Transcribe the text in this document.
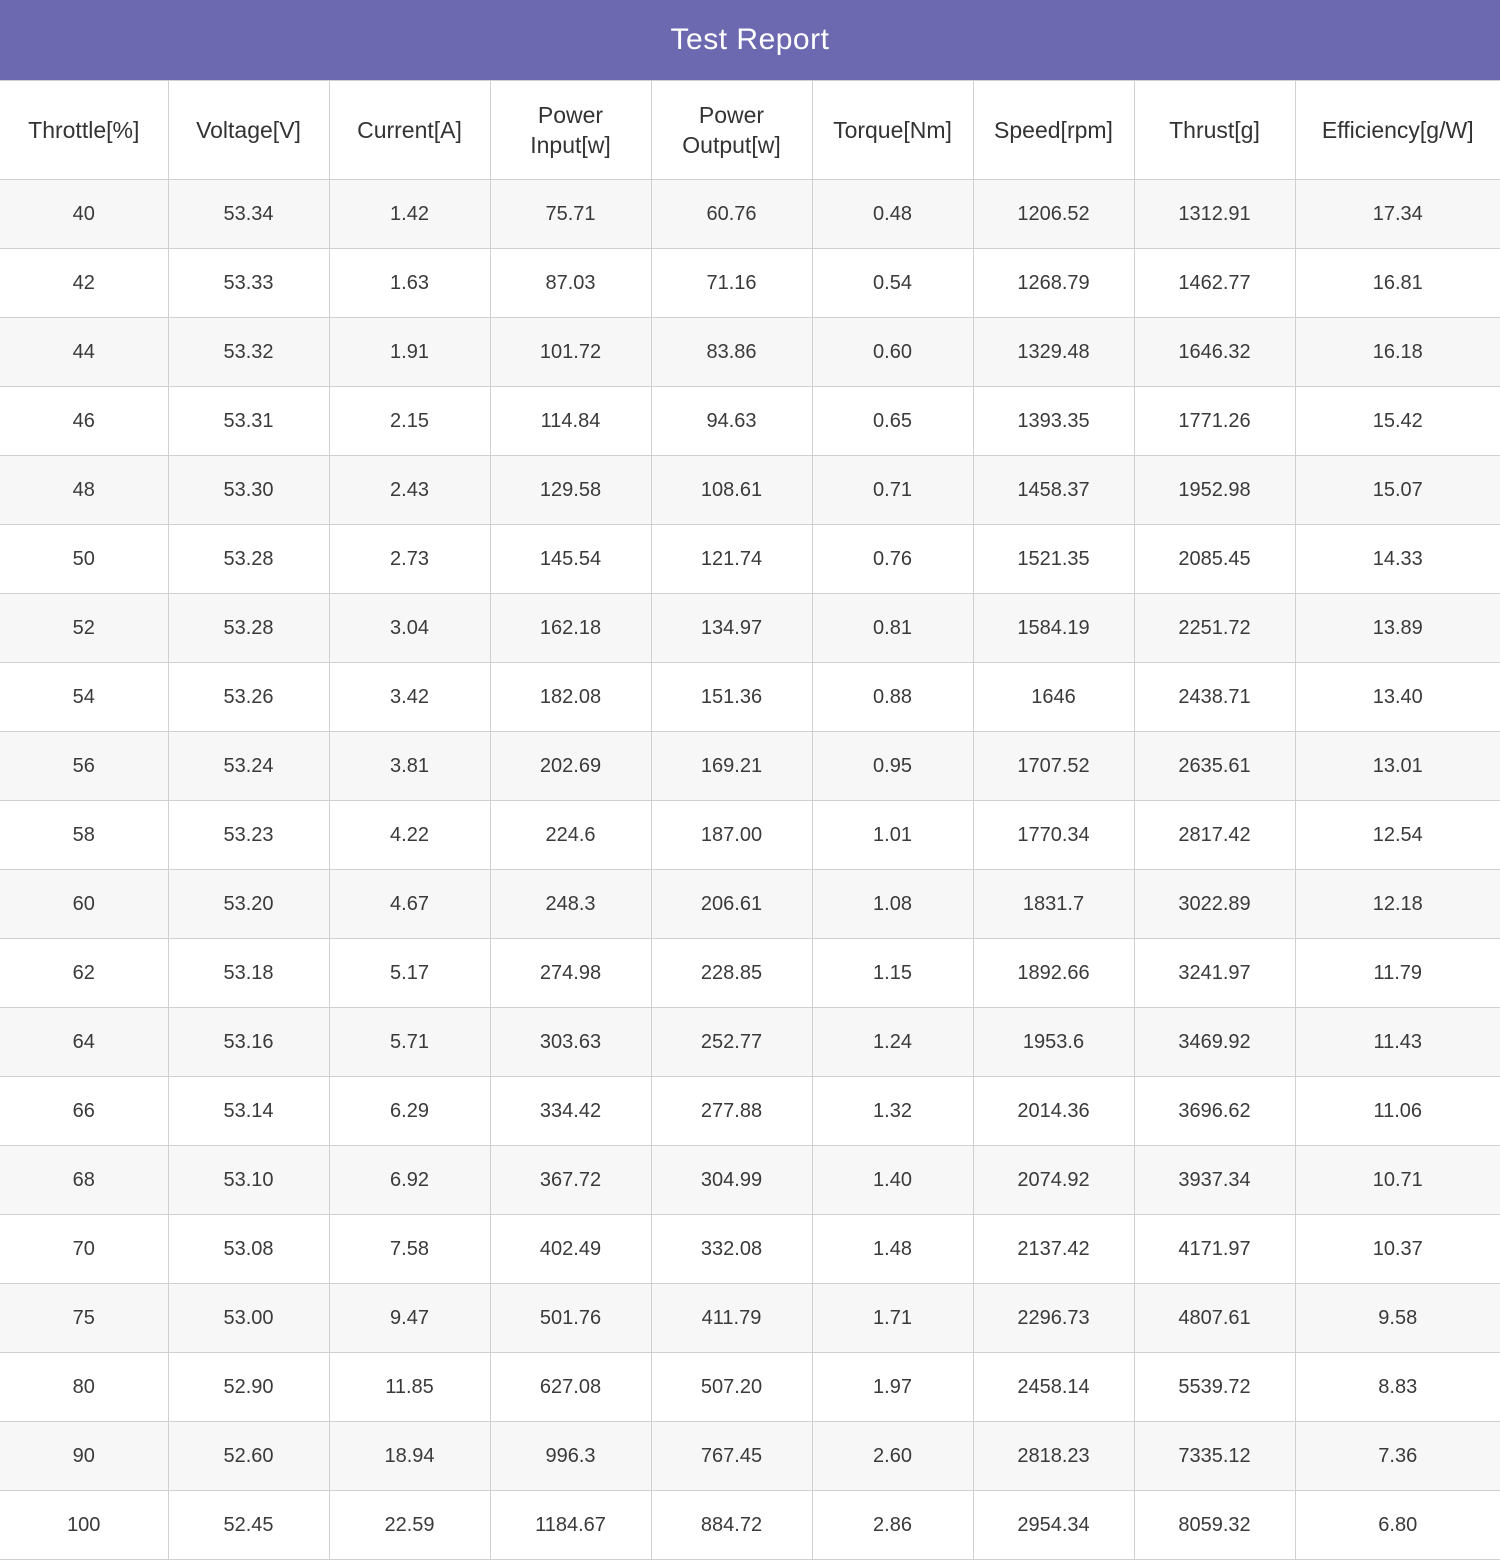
Test Report
Throttle[%]	Voltage[V]	Current[A]	Power Input[w]	Power Output[w]	Torque[Nm]	Speed[rpm]	Thrust[g]	Efficiency[g/W]
40	53.34	1.42	75.71	60.76	0.48	1206.52	1312.91	17.34
42	53.33	1.63	87.03	71.16	0.54	1268.79	1462.77	16.81
44	53.32	1.91	101.72	83.86	0.60	1329.48	1646.32	16.18
46	53.31	2.15	114.84	94.63	0.65	1393.35	1771.26	15.42
48	53.30	2.43	129.58	108.61	0.71	1458.37	1952.98	15.07
50	53.28	2.73	145.54	121.74	0.76	1521.35	2085.45	14.33
52	53.28	3.04	162.18	134.97	0.81	1584.19	2251.72	13.89
54	53.26	3.42	182.08	151.36	0.88	1646	2438.71	13.40
56	53.24	3.81	202.69	169.21	0.95	1707.52	2635.61	13.01
58	53.23	4.22	224.6	187.00	1.01	1770.34	2817.42	12.54
60	53.20	4.67	248.3	206.61	1.08	1831.7	3022.89	12.18
62	53.18	5.17	274.98	228.85	1.15	1892.66	3241.97	11.79
64	53.16	5.71	303.63	252.77	1.24	1953.6	3469.92	11.43
66	53.14	6.29	334.42	277.88	1.32	2014.36	3696.62	11.06
68	53.10	6.92	367.72	304.99	1.40	2074.92	3937.34	10.71
70	53.08	7.58	402.49	332.08	1.48	2137.42	4171.97	10.37
75	53.00	9.47	501.76	411.79	1.71	2296.73	4807.61	9.58
80	52.90	11.85	627.08	507.20	1.97	2458.14	5539.72	8.83
90	52.60	18.94	996.3	767.45	2.60	2818.23	7335.12	7.36
100	52.45	22.59	1184.67	884.72	2.86	2954.34	8059.32	6.80
